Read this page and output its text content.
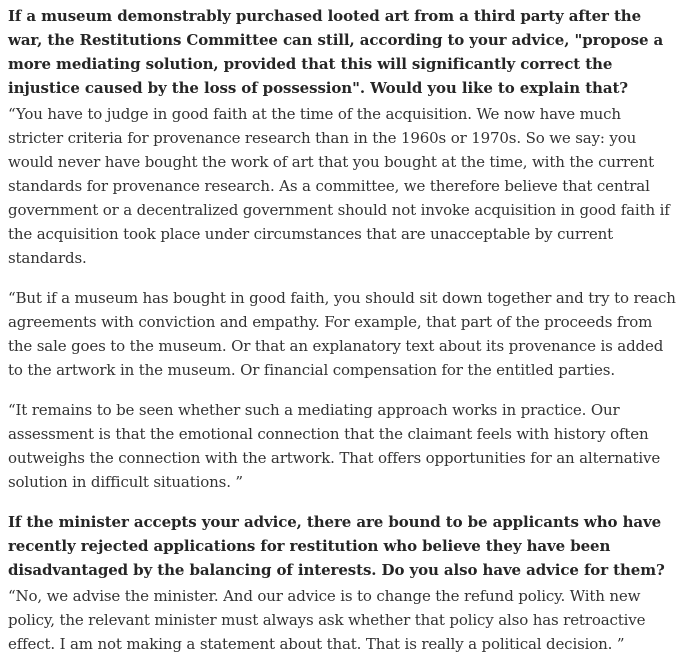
If a museum demonstrably purchased looted art from a third party after the war, the Restitutions Committee can still, according to your advice, "propose a more mediating solution, provided that this will significantly correct the injustice caused by the loss of possession". Would you like to explain that?

“You have to judge in good faith at the time of the acquisition. We now have much stricter criteria for provenance research than in the 1960s or 1970s. So we say: you would never have bought the work of art that you bought at the time, with the current standards for provenance research. As a committee, we therefore believe that central government or a decentralized government should not invoke acquisition in good faith if the acquisition took place under circumstances that are unacceptable by current standards.

“But if a museum has bought in good faith, you should sit down together and try to reach agreements with conviction and empathy. For example, that part of the proceeds from the sale goes to the museum. Or that an explanatory text about its provenance is added to the artwork in the museum. Or financial compensation for the entitled parties.

“It remains to be seen whether such a mediating approach works in practice. Our assessment is that the emotional connection that the claimant feels with history often outweighs the connection with the artwork. That offers opportunities for an alternative solution in difficult situations. ”

If the minister accepts your advice, there are bound to be applicants who have recently rejected applications for restitution who believe they have been disadvantaged by the balancing of interests. Do you also have advice for them?

“No, we advise the minister. And our advice is to change the refund policy. With new policy, the relevant minister must always ask whether that policy also has retroactive effect. I am not making a statement about that. That is really a political decision. ”
